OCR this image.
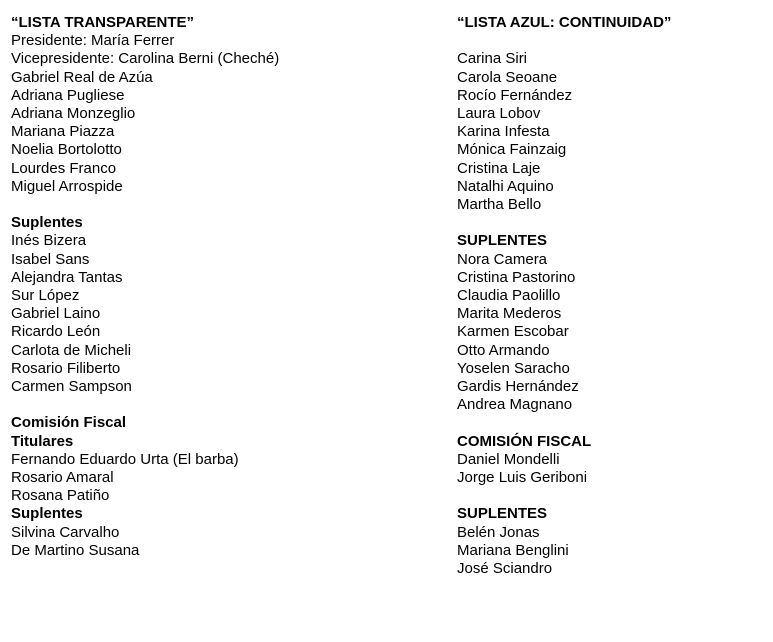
“LISTA TRANSPARENTE”
Presidente: María Ferrer
Vicepresidente: Carolina Berni (Cheché)
Gabriel Real de Azúa
Adriana Pugliese
Adriana Monzeglio
Mariana Piazza
Noelia Bortolotto
Lourdes Franco
Miguel Arrospide
Suplentes
Inés Bizera
Isabel Sans
Alejandra Tantas
Sur López
Gabriel Laino
Ricardo León
Carlota de Micheli
Rosario Filiberto
Carmen Sampson
Comisión Fiscal
Titulares
Fernando Eduardo Urta (El barba)
Rosario Amaral
Rosana Patiño
Suplentes
Silvina Carvalho
De Martino Susana
“LISTA AZUL: CONTINUIDAD”
Carina Siri
Carola Seoane
Rocío Fernández
Laura Lobov
Karina Infesta
Mónica Fainzaig
Cristina Laje
Natalhi Aquino
Martha Bello
SUPLENTES
Nora Camera
Cristina Pastorino
Claudia Paolillo
Marita Mederos
Karmen Escobar
Otto Armando
Yoselen Saracho
Gardis Hernández
Andrea Magnano
COMISIÓN FISCAL
Daniel Mondelli
Jorge Luis Geriboni
SUPLENTES
Belén Jonas
Mariana Benglini
José Sciandro
